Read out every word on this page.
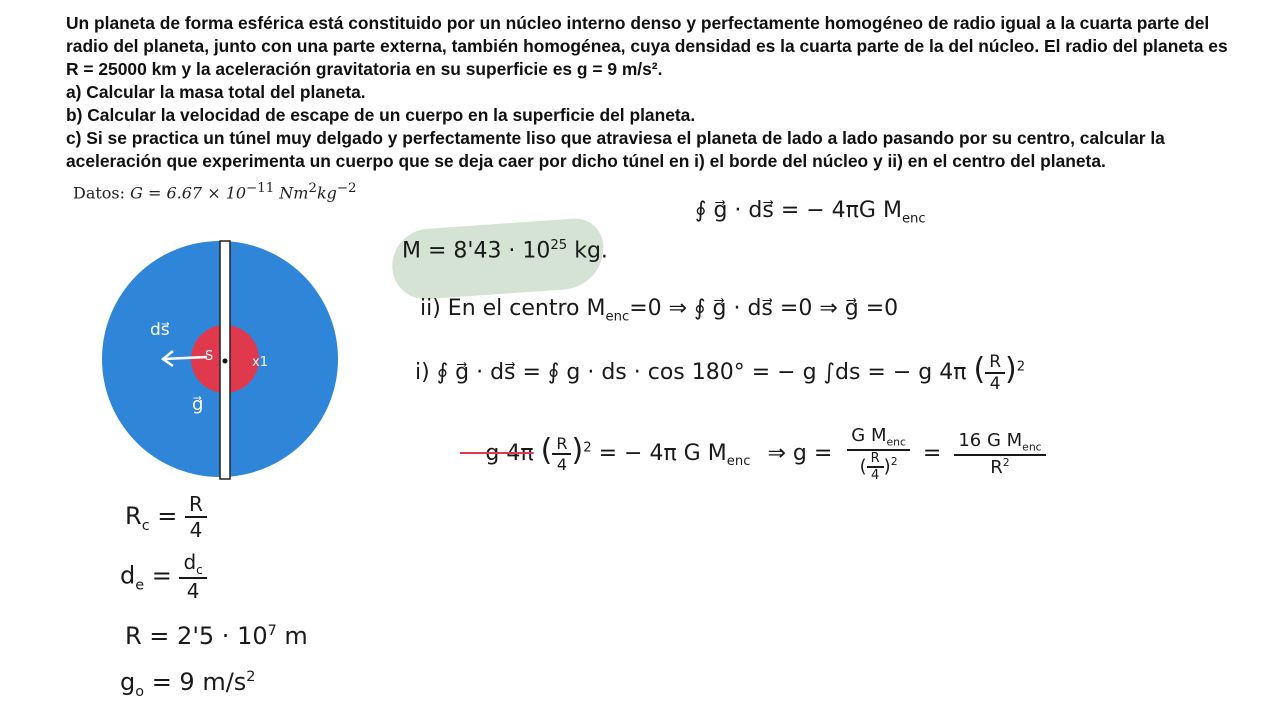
Un planeta de forma esférica está constituido por un núcleo interno denso y perfectamente homogéneo de radio igual a la cuarta parte del radio del planeta, junto con una parte externa, también homogénea, cuya densidad es la cuarta parte de la del núcleo. El radio del planeta es R = 25000 km y la aceleración gravitatoria en su superficie es g = 9 m/s².

a) Calcular la masa total del planeta.

b) Calcular la velocidad de escape de un cuerpo en la superficie del planeta.

c) Si se practica un túnel muy delgado y perfectamente liso que atraviesa el planeta de lado a lado pasando por su centro, calcular la aceleración que experimenta un cuerpo que se deja caer por dicho túnel en i) el borde del núcleo y ii) en el centro del planeta.

Datos: $G = 6.67 \times 10^{-11}$ $Nm^2kg^{-2}$
ds⃗
g⃗
S	x1
$M = 8'43 \cdot 10^{25}$ kg.
∮ g⃗ · ds⃗ = − 4πG $M_{enc}$
ii) En el centro $M_{enc}=0$ ⇒ ∮ g⃗ · ds⃗ =0 ⇒ g⃗ =0
i) ∮ g⃗ · ds⃗ = ∮ g · ds · cos 180° = − g ∫ds = − g 4π ( $\frac{R}{4} )^2$
− g 4π ( $\frac{R}{4} )^2$ = − 4π G $M_{enc}$ ⇒ $g = \frac{G M_{enc}}{( \frac{R}{4} )^2} = \frac{16 G M_{enc}}{R^2}$
$R_c = \frac{R}{4}$
$d_e = \frac{d_c}{4}$
$R = 2'5 \cdot 10^7$ m
$g_o = 9$ $m/s^2$
